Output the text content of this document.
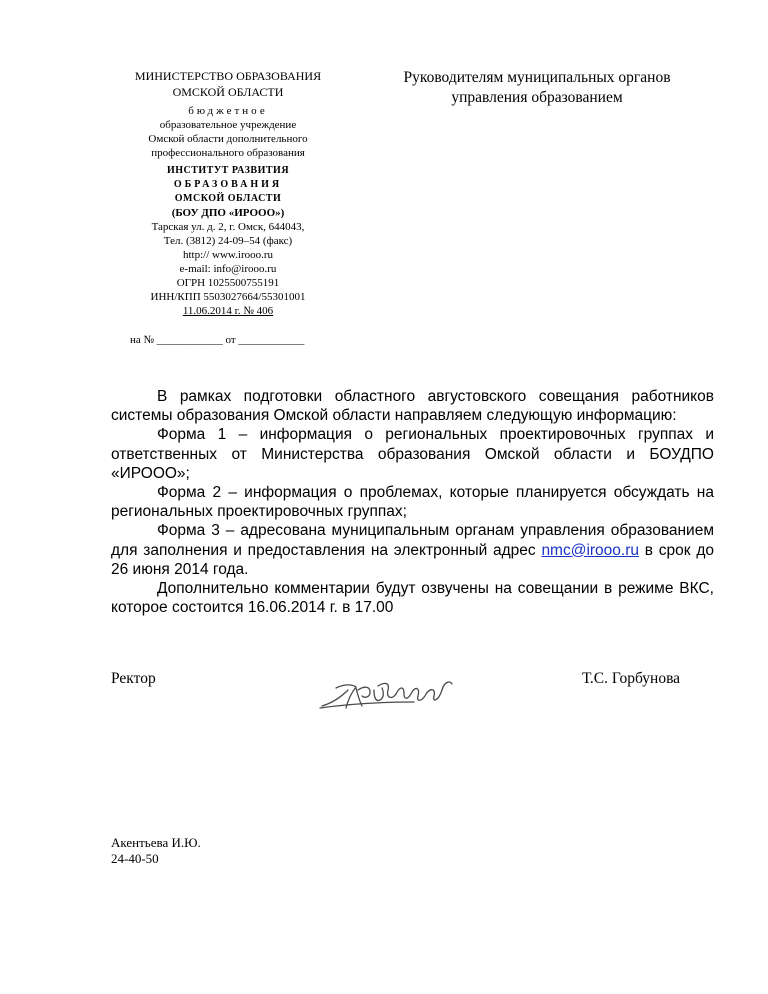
МИНИСТЕРСТВО ОБРАЗОВАНИЯ
ОМСКОЙ ОБЛАСТИ
бюджетное
образовательное учреждение
Омской области дополнительного
профессионального образования
ИНСТИТУТ РАЗВИТИЯ
ОБРАЗОВАНИЯ
ОМСКОЙ ОБЛАСТИ
(БОУ ДПО «ИРООО»)
Тарская ул. д. 2, г. Омск, 644043,
Тел. (3812) 24-09–54 (факс)
http:// www.irooo.ru
e-mail: info@irooo.ru
ОГРН 1025500755191
ИНН/КПП 5503027664/55301001
11.06.2014 г. № 406
на № ____________ от ____________
Руководителям муниципальных органов
управления образованием

В рамках подготовки областного августовского совещания работников системы образования Омской области направляем следующую информацию:

Форма 1 – информация о региональных проектировочных группах и ответственных от Министерства образования Омской области и БОУДПО «ИРООО»;

Форма 2 – информация о проблемах, которые планируется обсуждать на региональных проектировочных группах;

Форма 3 – адресована муниципальным органам управления образованием для заполнения и предоставления на электронный адрес nmc@irooo.ru в срок до 26 июня 2014 года.

Дополнительно комментарии будут озвучены на совещании в режиме ВКС, которое состоится 16.06.2014 г. в 17.00

Ректор	Т.С. Горбунова
Акентьева И.Ю.
24-40-50
